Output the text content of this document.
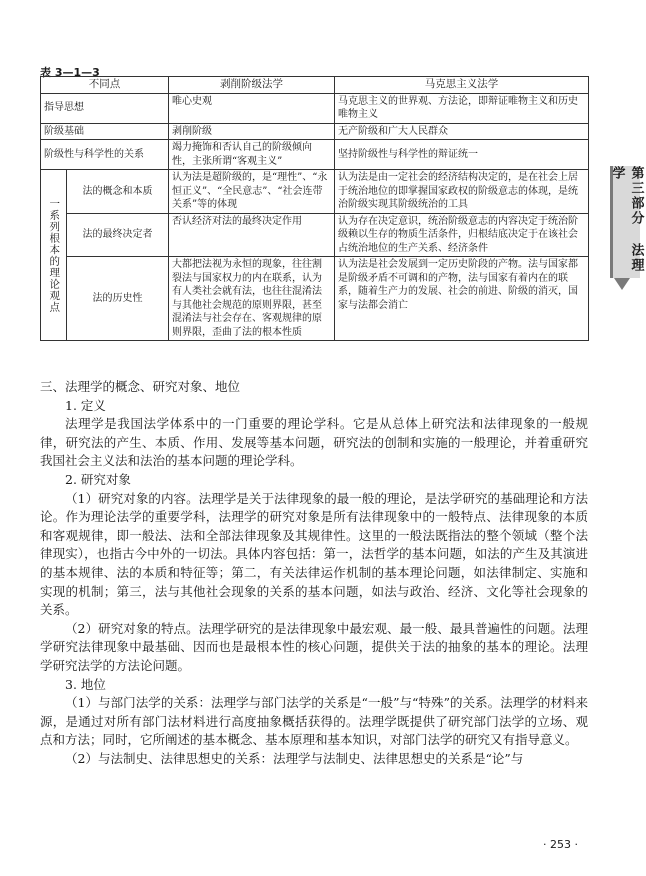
表 3—1—3
不同点		剥削阶级法学	马克思主义法学
指导思想		唯心史观	马克思主义的世界观、方法论，即辩证唯物主义和历史唯物主义
阶级基础		剥削阶级	无产阶级和广大人民群众
阶级性与科学性的关系		竭力掩饰和否认自己的阶级倾向性，主张所谓“客观主义”	坚持阶级性与科学性的辩证统一
一系列根本的理论观点	法的概念和本质	认为法是超阶级的，是“理性”、“永恒正义”、“全民意志”、“社会连带关系”等的体现	认为法是由一定社会的经济结构决定的，是在社会上居于统治地位的即掌握国家政权的阶级意志的体现，是统治阶级实现其阶级统治的工具
	法的最终决定者	否认经济对法的最终决定作用	认为存在决定意识，统治阶级意志的内容决定于统治阶级赖以生存的物质生活条件，归根结底决定于在该社会占统治地位的生产关系、经济条件
	法的历史性	大都把法视为永恒的现象，往往割裂法与国家权力的内在联系，认为有人类社会就有法，也往往混淆法与其他社会规范的原则界限，甚至混淆法与社会存在、客观规律的原则界限，歪曲了法的根本性质	认为法是社会发展到一定历史阶段的产物。法与国家都是阶级矛盾不可调和的产物，法与国家有着内在的联系，随着生产力的发展、社会的前进、阶级的消灭，国家与法都会消亡
第三部分 法理学

三、法理学的概念、研究对象、地位

1. 定义

法理学是我国法学体系中的一门重要的理论学科。它是从总体上研究法和法律现象的一般规律，研究法的产生、本质、作用、发展等基本问题，研究法的创制和实施的一般理论，并着重研究我国社会主义法和法治的基本问题的理论学科。

2. 研究对象

（1）研究对象的内容。法理学是关于法律现象的最一般的理论，是法学研究的基础理论和方法论。作为理论法学的重要学科，法理学的研究对象是所有法律现象中的一般特点、法律现象的本质和客观规律，即一般法、法和全部法律现象及其规律性。这里的一般法既指法的整个领域（整个法律现实），也指古今中外的一切法。具体内容包括：第一，法哲学的基本问题，如法的产生及其演进的基本规律、法的本质和特征等；第二，有关法律运作机制的基本理论问题，如法律制定、实施和实现的机制；第三，法与其他社会现象的关系的基本问题，如法与政治、经济、文化等社会现象的关系。

（2）研究对象的特点。法理学研究的是法律现象中最宏观、最一般、最具普遍性的问题。法理学研究法律现象中最基础、因而也是最根本性的核心问题，提供关于法的抽象的基本的理论。法理学研究法学的方法论问题。

3. 地位

（1）与部门法学的关系：法理学与部门法学的关系是“一般”与“特殊”的关系。法理学的材料来源，是通过对所有部门法材料进行高度抽象概括获得的。法理学既提供了研究部门法学的立场、观点和方法；同时，它所阐述的基本概念、基本原理和基本知识，对部门法学的研究又有指导意义。

（2）与法制史、法律思想史的关系：法理学与法制史、法律思想史的关系是“论”与

· 253 ·
